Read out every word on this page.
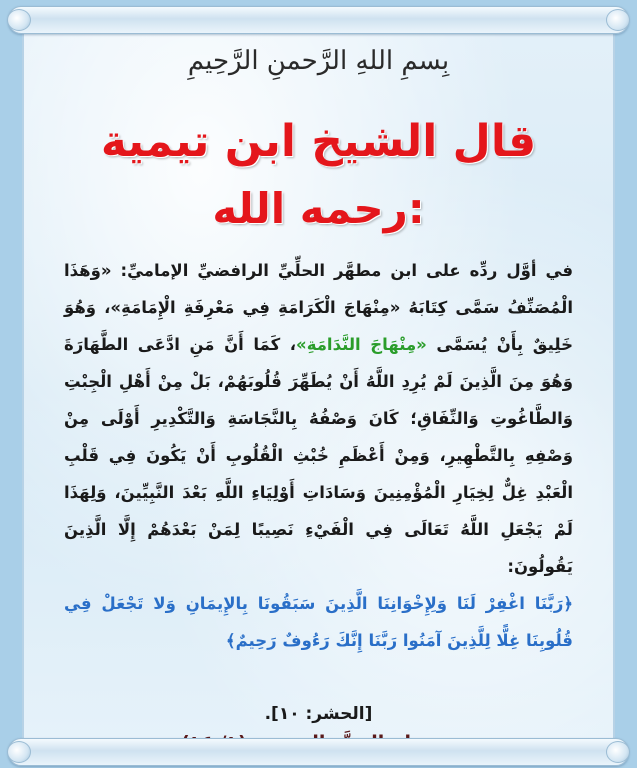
بِسمِ اللهِ الرَّحمنِ الرَّحِيمِ
قال الشيخ ابن تيمية
رحمه الله:

في أوَّل ردِّه على ابن مطهَّر الحلِّيِّ الرافضيِّ الإماميِّ: «وَهَذَا الْمُصَنِّفُ سَمَّى كِتَابَهُ «مِنْهَاجَ الْكَرَامَةِ فِي مَعْرِفَةِ الْإِمَامَةِ»، وَهُوَ خَلِيقٌ بِأَنْ يُسَمَّى «مِنْهَاجَ النَّدَامَةِ»، كَمَا أَنَّ مَنِ ادَّعَى الطَّهَارَةَ وَهُوَ مِنَ الَّذِينَ لَمْ يُرِدِ اللَّهُ أَنْ يُطَهِّرَ قُلُوبَهُمْ، بَلْ مِنْ أَهْلِ الْجِبْتِ وَالطَّاغُوتِ وَالنِّفَاقِ؛ كَانَ وَصْفُهُ بِالنَّجَاسَةِ وَالتَّكْدِيرِ أَوْلَى مِنْ وَصْفِهِ بِالتَّطْهِيرِ، وَمِنْ أَعْظَمِ خُبْثِ الْقُلُوبِ أَنْ يَكُونَ فِي قَلْبِ الْعَبْدِ غِلٌّ لِخِيَارِ الْمُؤْمِنِينَ وَسَادَاتِ أَوْلِيَاءِ اللَّهِ بَعْدَ النَّبِيِّينَ، وَلِهَذَا لَمْ يَجْعَلِ اللَّهُ تَعَالَى فِي الْفَيْءِ نَصِيبًا لِمَنْ بَعْدَهُمْ إِلَّا الَّذِينَ يَقُولُونَ:

﴿رَبَّنَا اغْفِرْ لَنَا وَلِإِخْوَانِنَا الَّذِينَ سَبَقُونَا بِالإِيمَانِ وَلا تَجْعَلْ فِي قُلُوبِنَا غِلًّا لِلَّذِينَ آمَنُوا رَبَّنَا إِنَّكَ رَءُوفٌ رَحِيمٌ﴾

[الحشر: ١٠].
